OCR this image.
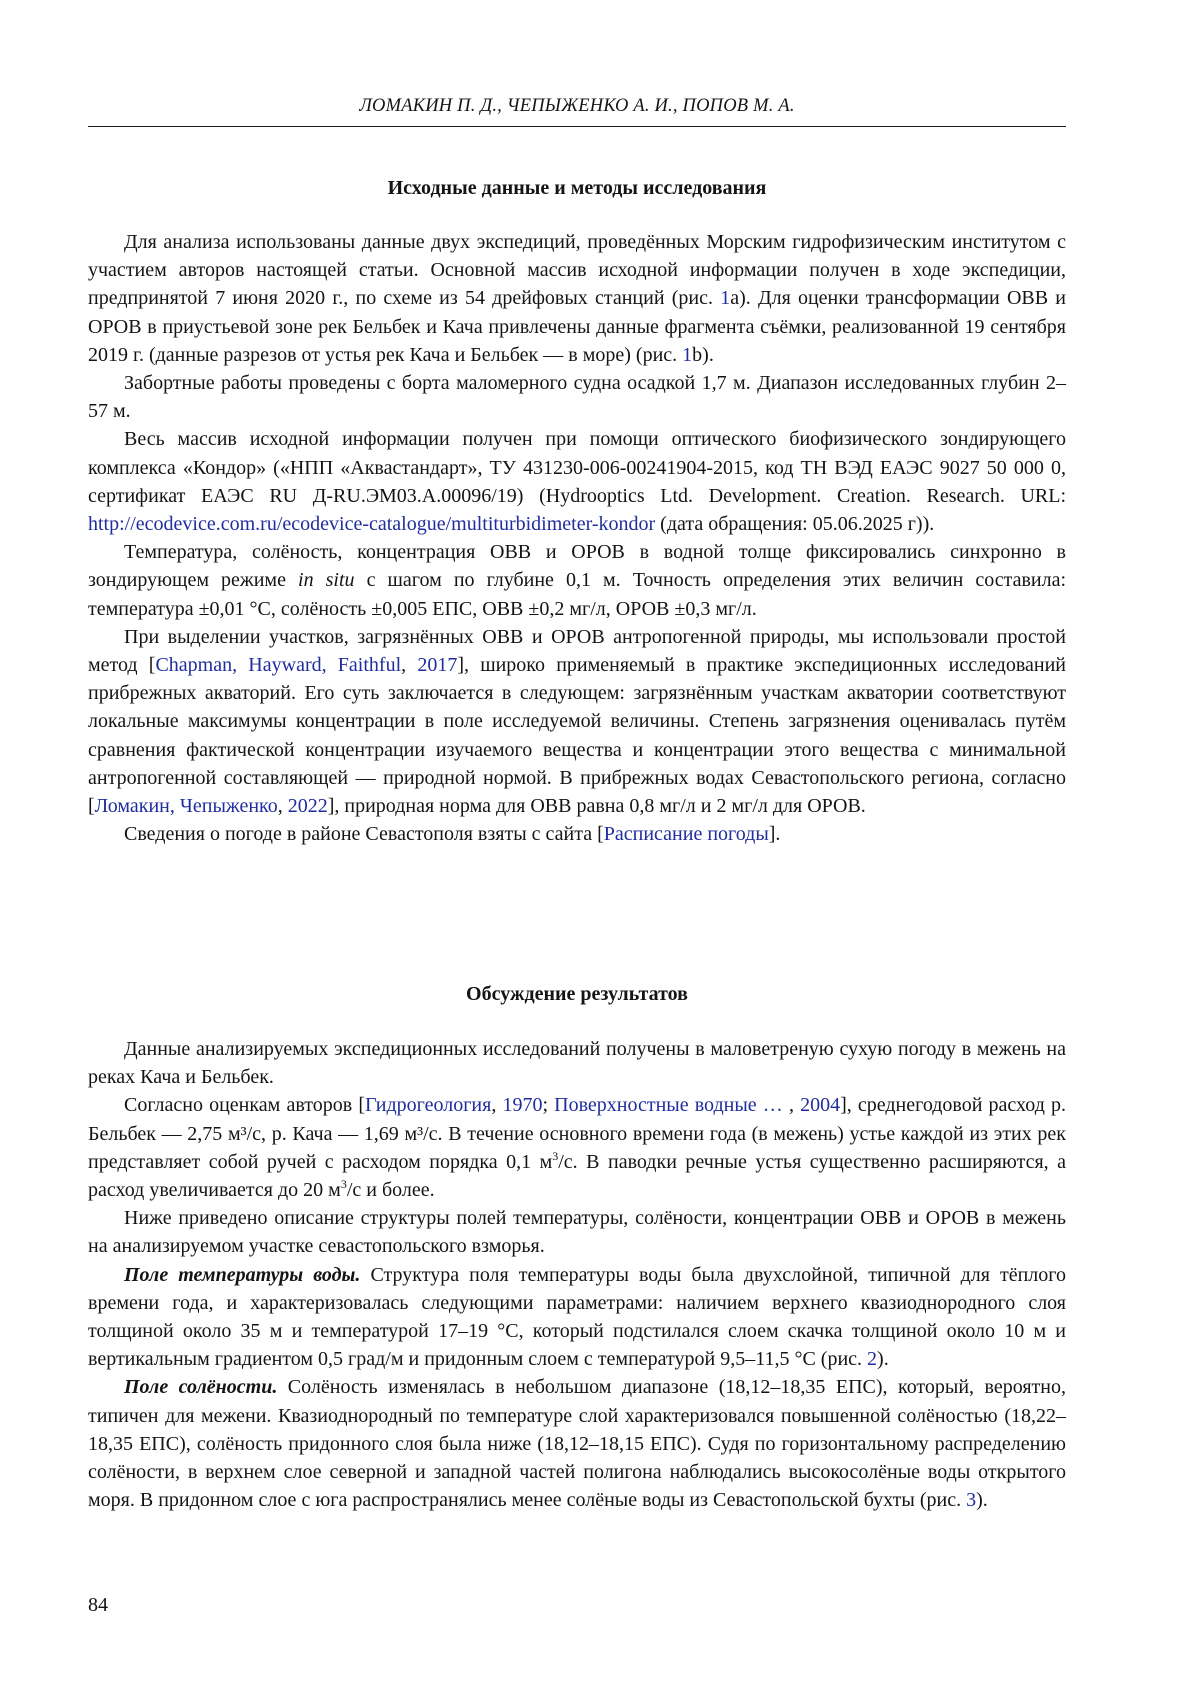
ЛОМАКИН П. Д., ЧЕПЫЖЕНКО А. И., ПОПОВ М. А.
Исходные данные и методы исследования

Для анализа использованы данные двух экспедиций, проведённых Морским гидрофизическим институтом с участием авторов настоящей статьи. Основной массив исходной информации получен в ходе экспедиции, предпринятой 7 июня 2020 г., по схеме из 54 дрейфовых станций (рис. 1a). Для оценки трансформации ОВВ и ОРОВ в приустьевой зоне рек Бельбек и Кача привлечены данные фрагмента съёмки, реализованной 19 сентября 2019 г. (данные разрезов от устья рек Кача и Бельбек — в море) (рис. 1b).

Забортные работы проведены с борта маломерного судна осадкой 1,7 м. Диапазон исследованных глубин 2–57 м.

Весь массив исходной информации получен при помощи оптического биофизического зондирующего комплекса «Кондор» («НПП «Аквастандарт», ТУ 431230-006-00241904-2015, код ТН ВЭД ЕАЭС 9027 50 000 0, сертификат ЕАЭС RU Д-RU.ЭМ03.А.00096/19) (Hydrooptics Ltd. Development. Creation. Research. URL: http://ecodevice.com.ru/ecodevice-catalogue/multiturbidimeter-kondor (дата обращения: 05.06.2025 г)).

Температура, солёность, концентрация ОВВ и ОРОВ в водной толще фиксировались синхронно в зондирующем режиме in situ с шагом по глубине 0,1 м. Точность определения этих величин составила: температура ±0,01 °C, солёность ±0,005 ЕПС, ОВВ ±0,2 мг/л, ОРОВ ±0,3 мг/л.

При выделении участков, загрязнённых ОВВ и ОРОВ антропогенной природы, мы использовали простой метод [Chapman, Hayward, Faithful, 2017], широко применяемый в практике экспедиционных исследований прибрежных акваторий. Его суть заключается в следующем: загрязнённым участкам акватории соответствуют локальные максимумы концентрации в поле исследуемой величины. Степень загрязнения оценивалась путём сравнения фактической концентрации изучаемого вещества и концентрации этого вещества с минимальной антропогенной составляющей — природной нормой. В прибрежных водах Севастопольского региона, согласно [Ломакин, Чепыженко, 2022], природная норма для ОВВ равна 0,8 мг/л и 2 мг/л для ОРОВ.

Сведения о погоде в районе Севастополя взяты с сайта [Расписание погоды].

Обсуждение результатов

Данные анализируемых экспедиционных исследований получены в маловетреную сухую погоду в межень на реках Кача и Бельбек.

Согласно оценкам авторов [Гидрогеология, 1970; Поверхностные водные … , 2004], среднегодовой расход р. Бельбек — 2,75 м³/с, р. Кача — 1,69 м³/с. В течение основного времени года (в межень) устье каждой из этих рек представляет собой ручей с расходом порядка 0,1 $м^3/с$. В паводки речные устья существенно расширяются, а расход увеличивается до 20 $м^3/с$ и более.

Ниже приведено описание структуры полей температуры, солёности, концентрации ОВВ и ОРОВ в межень на анализируемом участке севастопольского взморья.

Поле температуры воды. Структура поля температуры воды была двухслойной, типичной для тёплого времени года, и характеризовалась следующими параметрами: наличием верхнего квазиоднородного слоя толщиной около 35 м и температурой 17–19 °C, который подстилался слоем скачка толщиной около 10 м и вертикальным градиентом 0,5 град/м и придонным слоем с температурой 9,5–11,5 °C (рис. 2).

Поле солёности. Солёность изменялась в небольшом диапазоне (18,12–18,35 ЕПС), который, вероятно, типичен для межени. Квазиоднородный по температуре слой характеризовался повышенной солёностью (18,22–18,35 ЕПС), солёность придонного слоя была ниже (18,12–18,15 ЕПС). Судя по горизонтальному распределению солёности, в верхнем слое северной и западной частей полигона наблюдались высокосолёные воды открытого моря. В придонном слое с юга распространялись менее солёные воды из Севастопольской бухты (рис. 3).

84
